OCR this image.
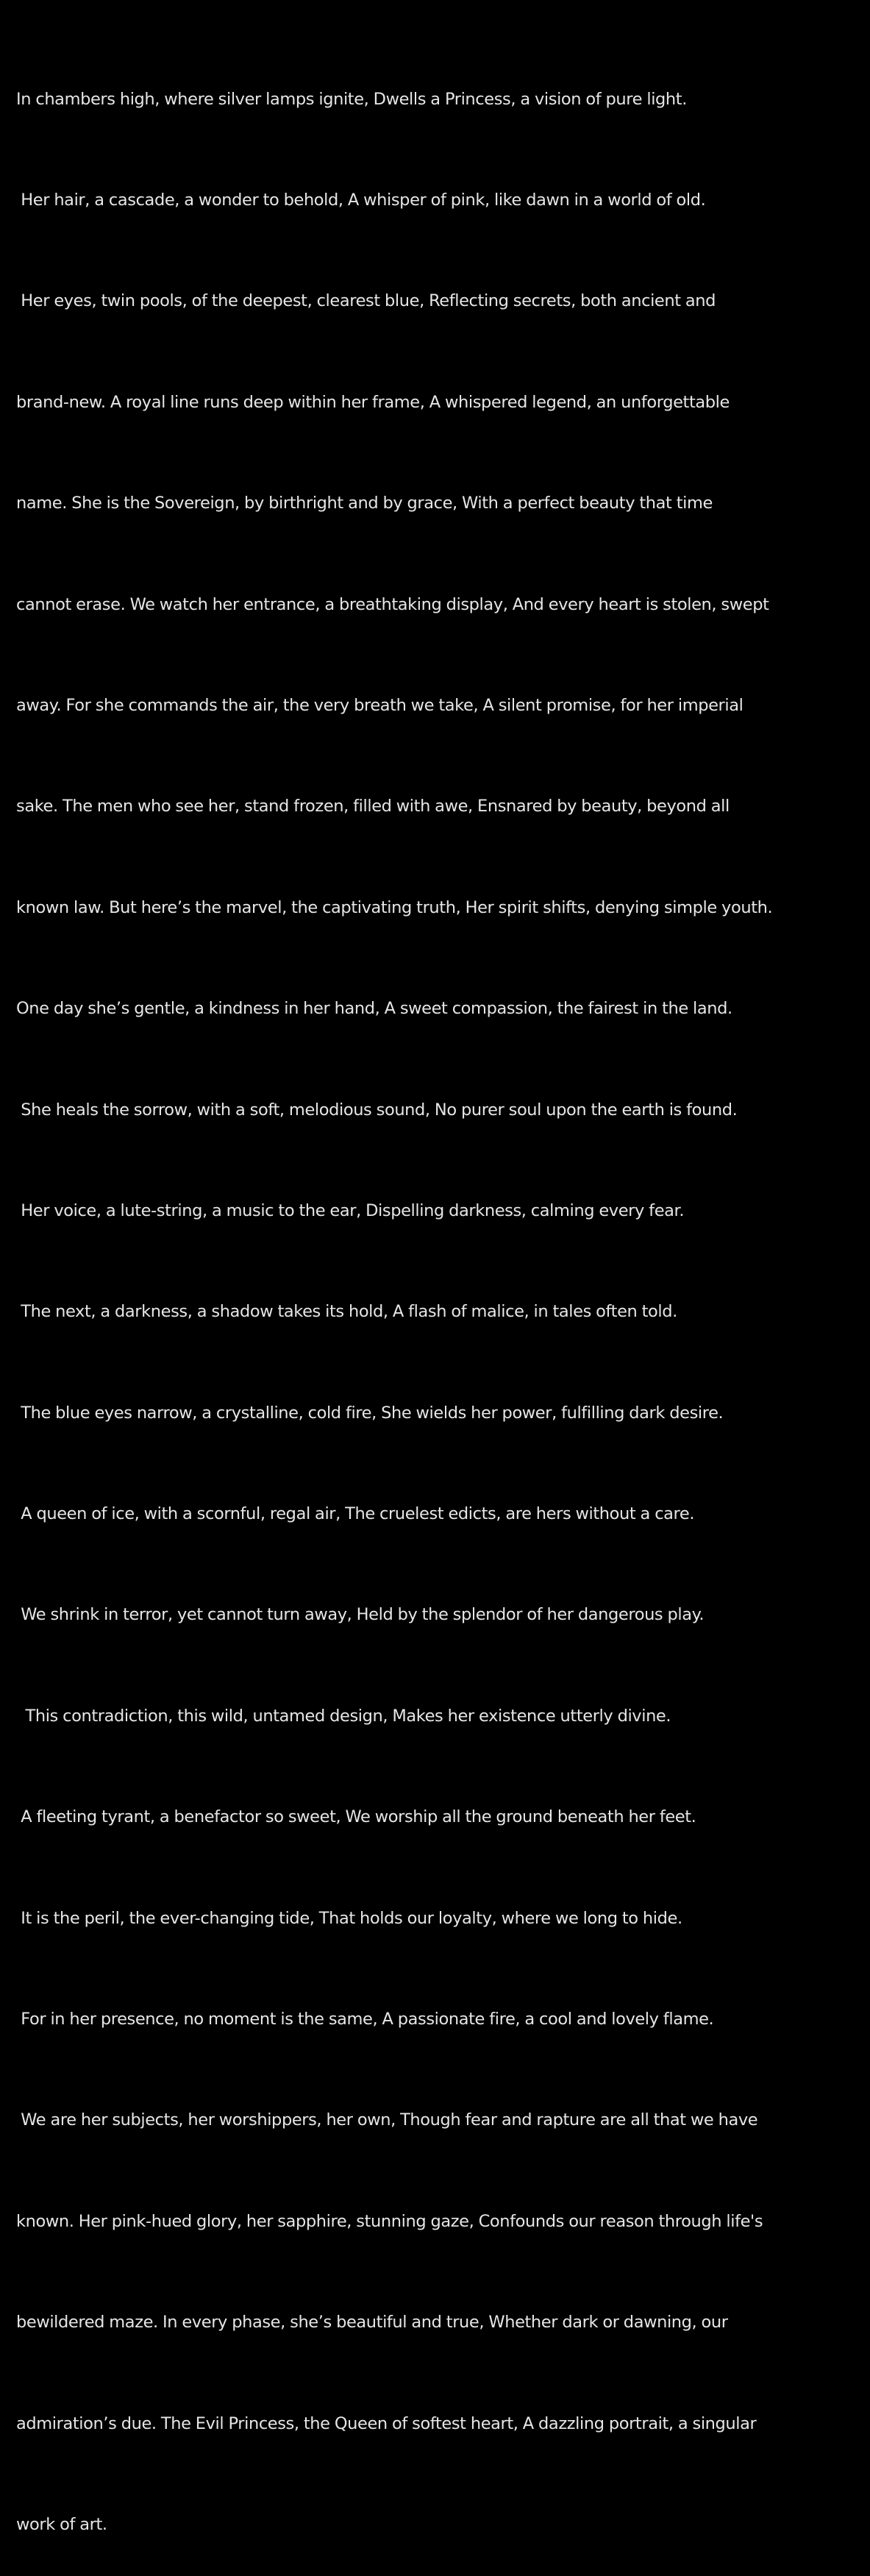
In chambers high, where silver lamps ignite, Dwells a Princess, a vision of pure light.

Her hair, a cascade, a wonder to behold, A whisper of pink, like dawn in a world of old.

Her eyes, twin pools, of the deepest, clearest blue, Reflecting secrets, both ancient and

brand-new. A royal line runs deep within her frame, A whispered legend, an unforgettable

name. She is the Sovereign, by birthright and by grace, With a perfect beauty that time

cannot erase. We watch her entrance, a breathtaking display, And every heart is stolen, swept

away. For she commands the air, the very breath we take, A silent promise, for her imperial

sake. The men who see her, stand frozen, filled with awe, Ensnared by beauty, beyond all

known law. But here’s the marvel, the captivating truth, Her spirit shifts, denying simple youth.

One day she’s gentle, a kindness in her hand, A sweet compassion, the fairest in the land.

She heals the sorrow, with a soft, melodious sound, No purer soul upon the earth is found.

Her voice, a lute-string, a music to the ear, Dispelling darkness, calming every fear.

The next, a darkness, a shadow takes its hold, A flash of malice, in tales often told.

The blue eyes narrow, a crystalline, cold fire, She wields her power, fulfilling dark desire.

A queen of ice, with a scornful, regal air, The cruelest edicts, are hers without a care.

We shrink in terror, yet cannot turn away, Held by the splendor of her dangerous play.

This contradiction, this wild, untamed design, Makes her existence utterly divine.

A fleeting tyrant, a benefactor so sweet, We worship all the ground beneath her feet.

It is the peril, the ever-changing tide, That holds our loyalty, where we long to hide.

For in her presence, no moment is the same, A passionate fire, a cool and lovely flame.

We are her subjects, her worshippers, her own, Though fear and rapture are all that we have

known. Her pink-hued glory, her sapphire, stunning gaze, Confounds our reason through life's

bewildered maze. In every phase, she’s beautiful and true, Whether dark or dawning, our

admiration’s due. The Evil Princess, the Queen of softest heart, A dazzling portrait, a singular

work of art.
